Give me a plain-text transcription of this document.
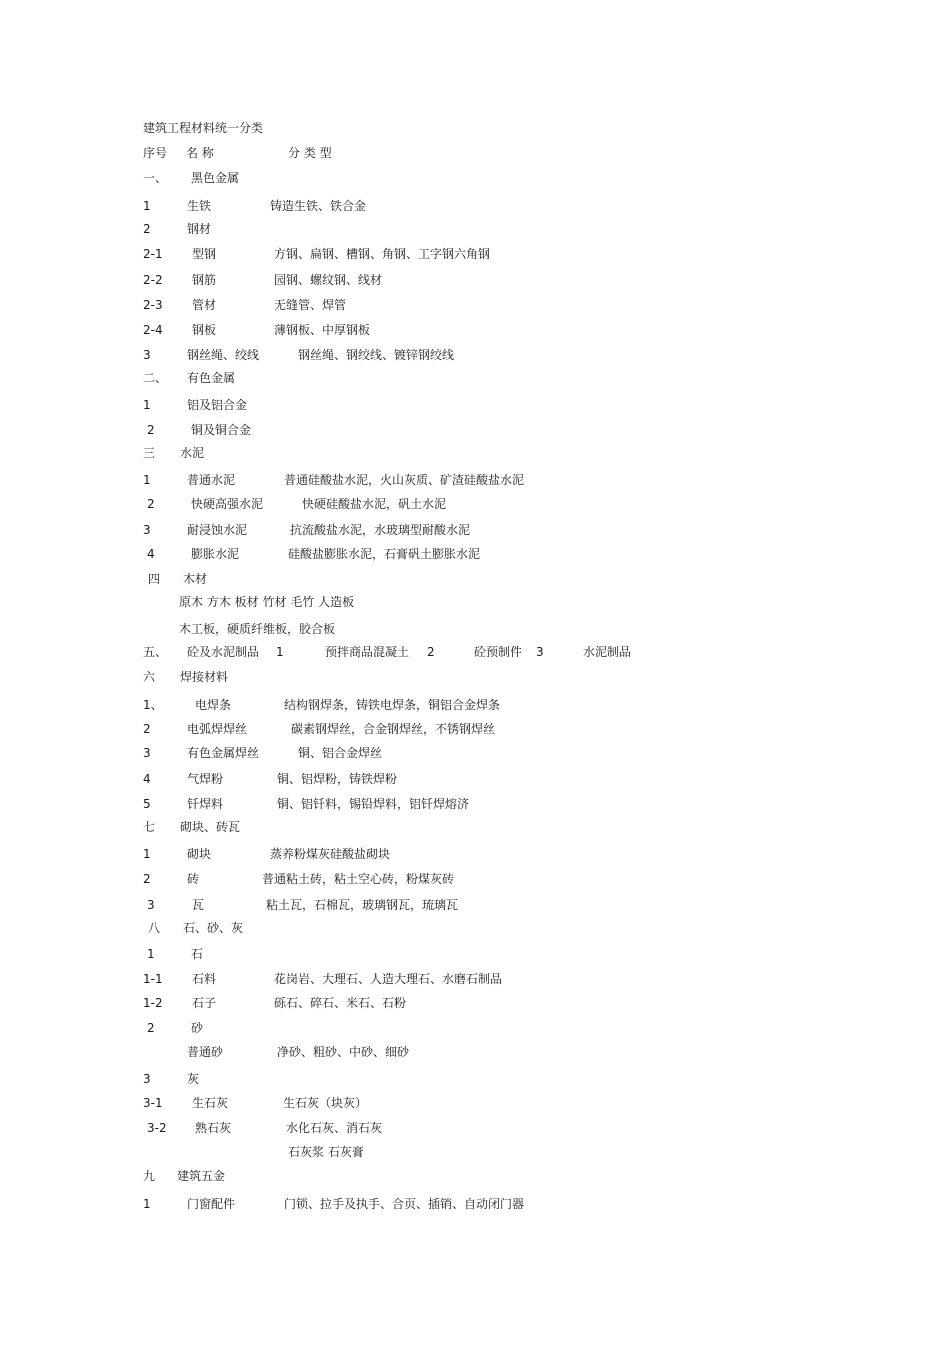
建筑工程材料统一分类
序号 名 称	分 类 型
一、 黑色金属
1	生铁	铸造生铁、铁合金
2	钢材
2-1 型钢	方钢、扁钢、槽钢、角钢、工字钢六角钢
2-2 钢筋	园钢、螺纹钢、线材
2-3 管材	无缝管、焊管
2-4 钢板	薄钢板、中厚钢板
3	钢丝绳、绞线	钢丝绳、钢绞线、镀锌钢绞线
二、 有色金属
1	铝及铝合金
2	铜及铜合金
三 水泥
1	普通水泥	普通硅酸盐水泥，火山灰质、矿渣硅酸盐水泥
2	快硬高强水泥	快硬硅酸盐水泥，矾土水泥
3	耐浸蚀水泥	抗流酸盐水泥，水玻璃型耐酸水泥
4	膨胀水泥	硅酸盐膨胀水泥，石膏矾土膨胀水泥
四 木材
原木 方木 板材 竹材 毛竹 人造板
木工板，硬质纤维板，胶合板
五、 砼及水泥制品 1	预拌商品混凝土 2	砼预制件 3	水泥制品
六 焊接材料
1、	电焊条	结构钢焊条，铸铁电焊条，铜铝合金焊条
2	电弧焊焊丝	碳素钢焊丝，合金钢焊丝，不锈钢焊丝
3	有色金属焊丝	铜、铝合金焊丝
4	气焊粉	铜、铝焊粉，铸铁焊粉
5	钎焊料	铜、铝钎料，锡铅焊料，铝钎焊熔济
七 砌块、砖瓦
1	砌块	蒸养粉煤灰硅酸盐砌块
2	砖	普通粘土砖，粘土空心砖，粉煤灰砖
3	瓦	粘土瓦，石棉瓦，玻璃钢瓦，琉璃瓦
八 石、砂、灰
1	石
1-1 石料	花岗岩、大理石、人造大理石、水磨石制品
1-2 石子	砾石、碎石、米石、石粉
2	砂
普通砂	净砂、粗砂、中砂、细砂
3	灰
3-1 生石灰	生石灰（块灰）
3-2 熟石灰	水化石灰、消石灰
石灰浆 石灰膏
九 建筑五金
1	门窗配件	门锁、拉手及执手、合页、插销、自动闭门器
